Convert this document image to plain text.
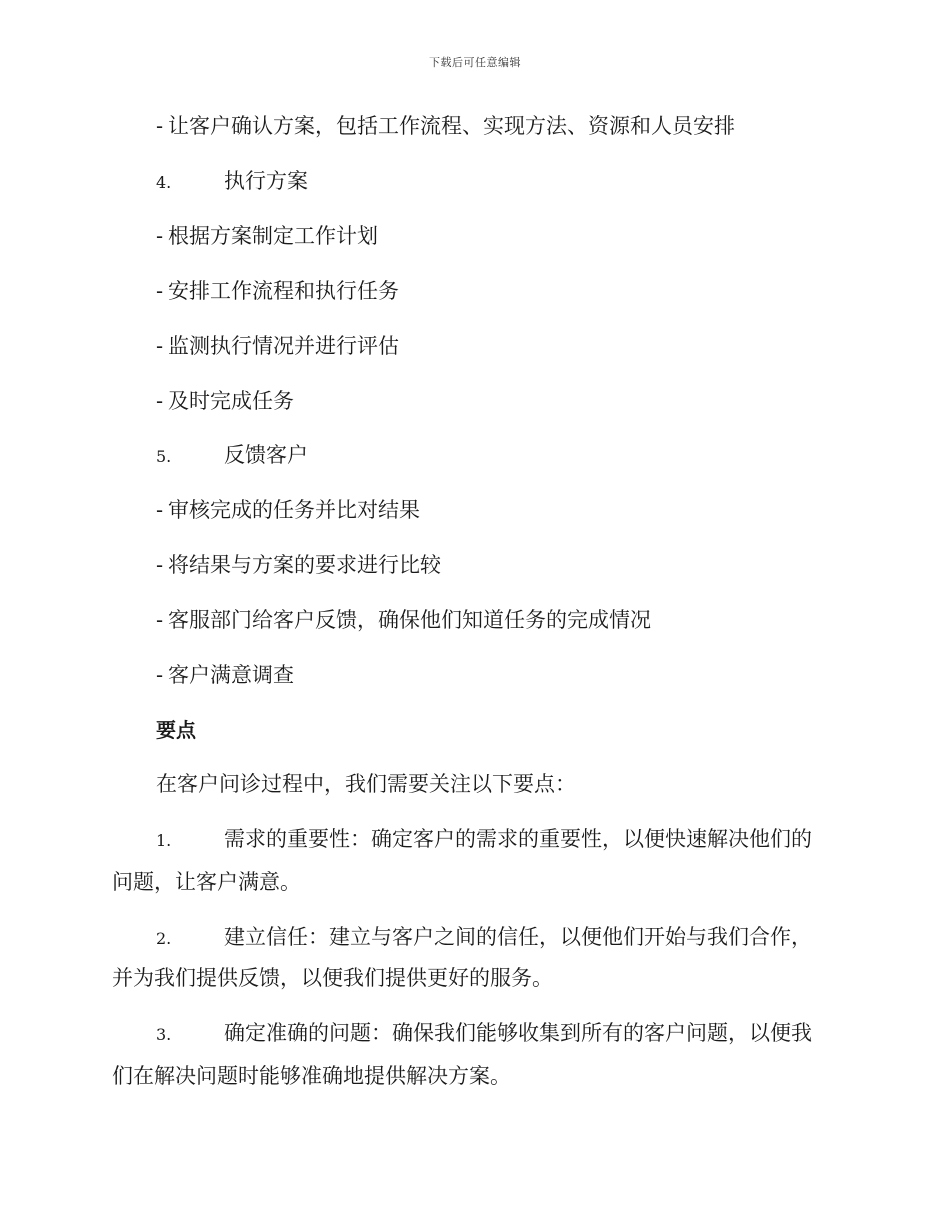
下载后可任意编辑
- 让客户确认方案，包括工作流程、实现方法、资源和人员安排
4.	执行方案
- 根据方案制定工作计划
- 安排工作流程和执行任务
- 监测执行情况并进行评估
- 及时完成任务
5.	反馈客户
- 审核完成的任务并比对结果
- 将结果与方案的要求进行比较
- 客服部门给客户反馈，确保他们知道任务的完成情况
- 客户满意调查
要点
在客户问诊过程中，我们需要关注以下要点：
1.	需求的重要性：确定客户的需求的重要性，以便快速解决他们的
问题，让客户满意。
2.	建立信任：建立与客户之间的信任，以便他们开始与我们合作，
并为我们提供反馈，以便我们提供更好的服务。
3.	确定准确的问题：确保我们能够收集到所有的客户问题，以便我
们在解决问题时能够准确地提供解决方案。
